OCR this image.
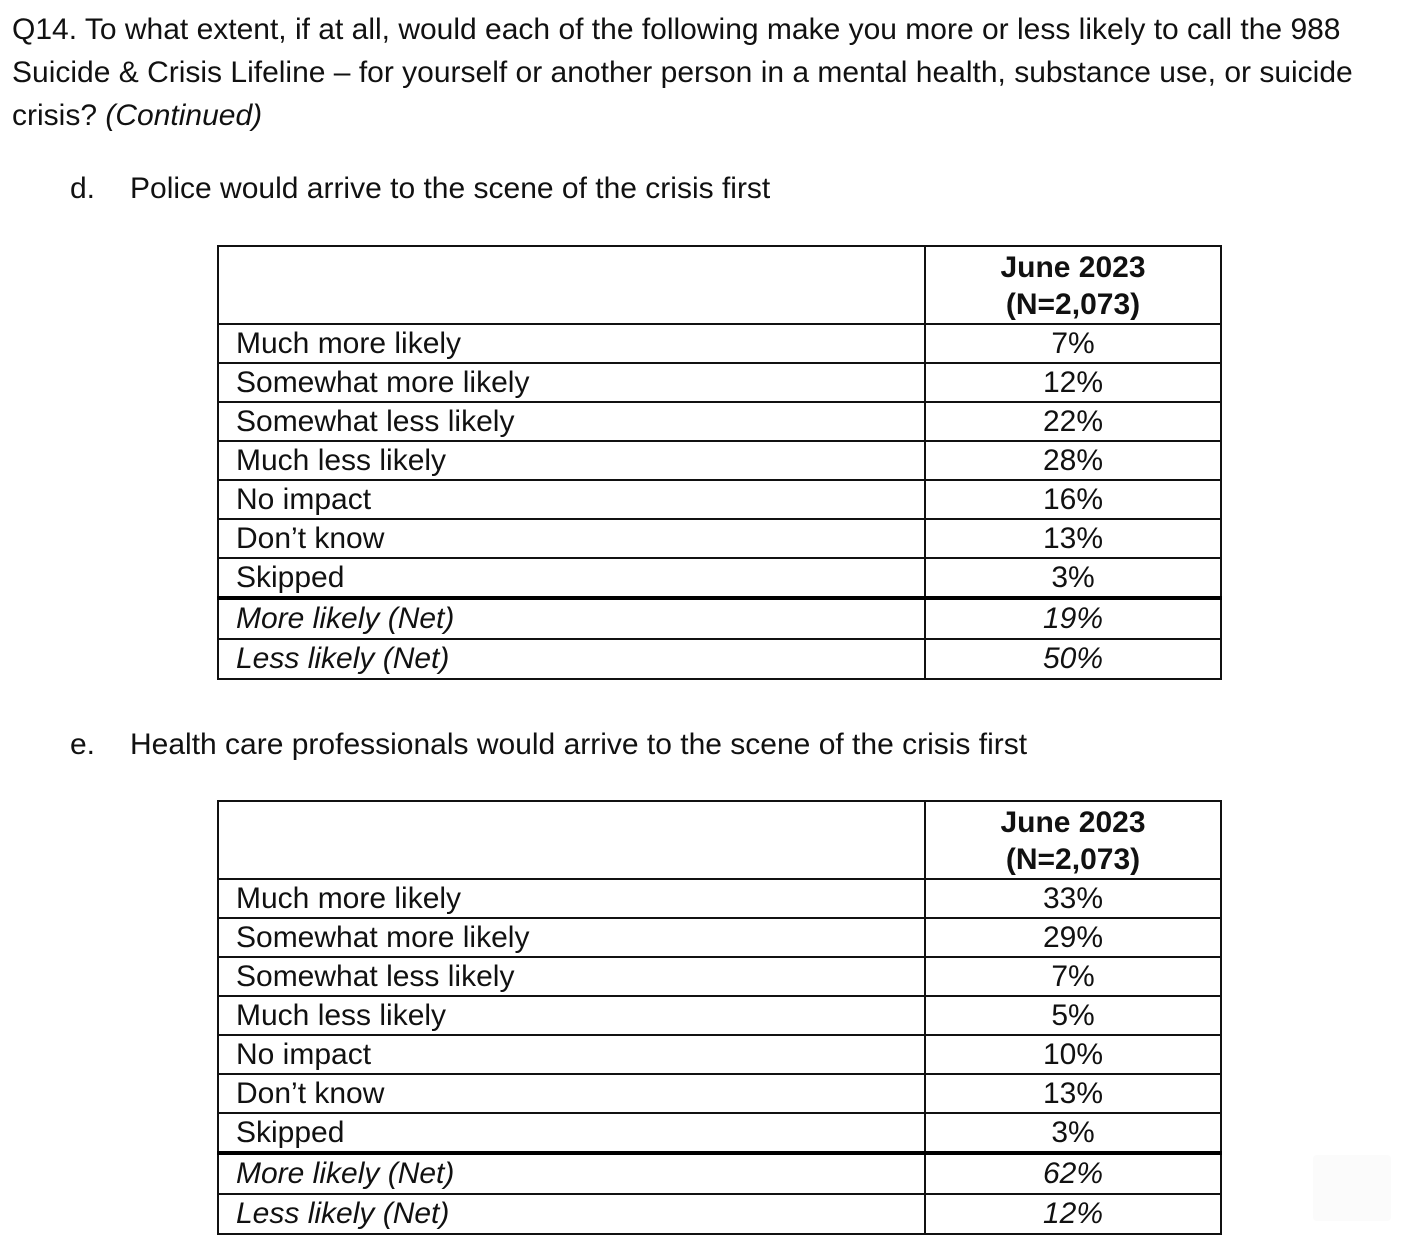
Q14. To what extent, if at all, would each of the following make you more or less likely to call the 988 Suicide & Crisis Lifeline – for yourself or another person in a mental health, substance use, or suicide crisis? (Continued)

d. Police would arrive to the scene of the crisis first

	June 2023
(N=2,073)

Much more likely	7%
Somewhat more likely	12%
Somewhat less likely	22%
Much less likely	28%
No impact	16%
Don’t know	13%
Skipped	3%
More likely (Net)	19%
Less likely (Net)	50%
e. Health care professionals would arrive to the scene of the crisis first

	June 2023
(N=2,073)

Much more likely	33%
Somewhat more likely	29%
Somewhat less likely	7%
Much less likely	5%
No impact	10%
Don’t know	13%
Skipped	3%
More likely (Net)	62%
Less likely (Net)	12%
